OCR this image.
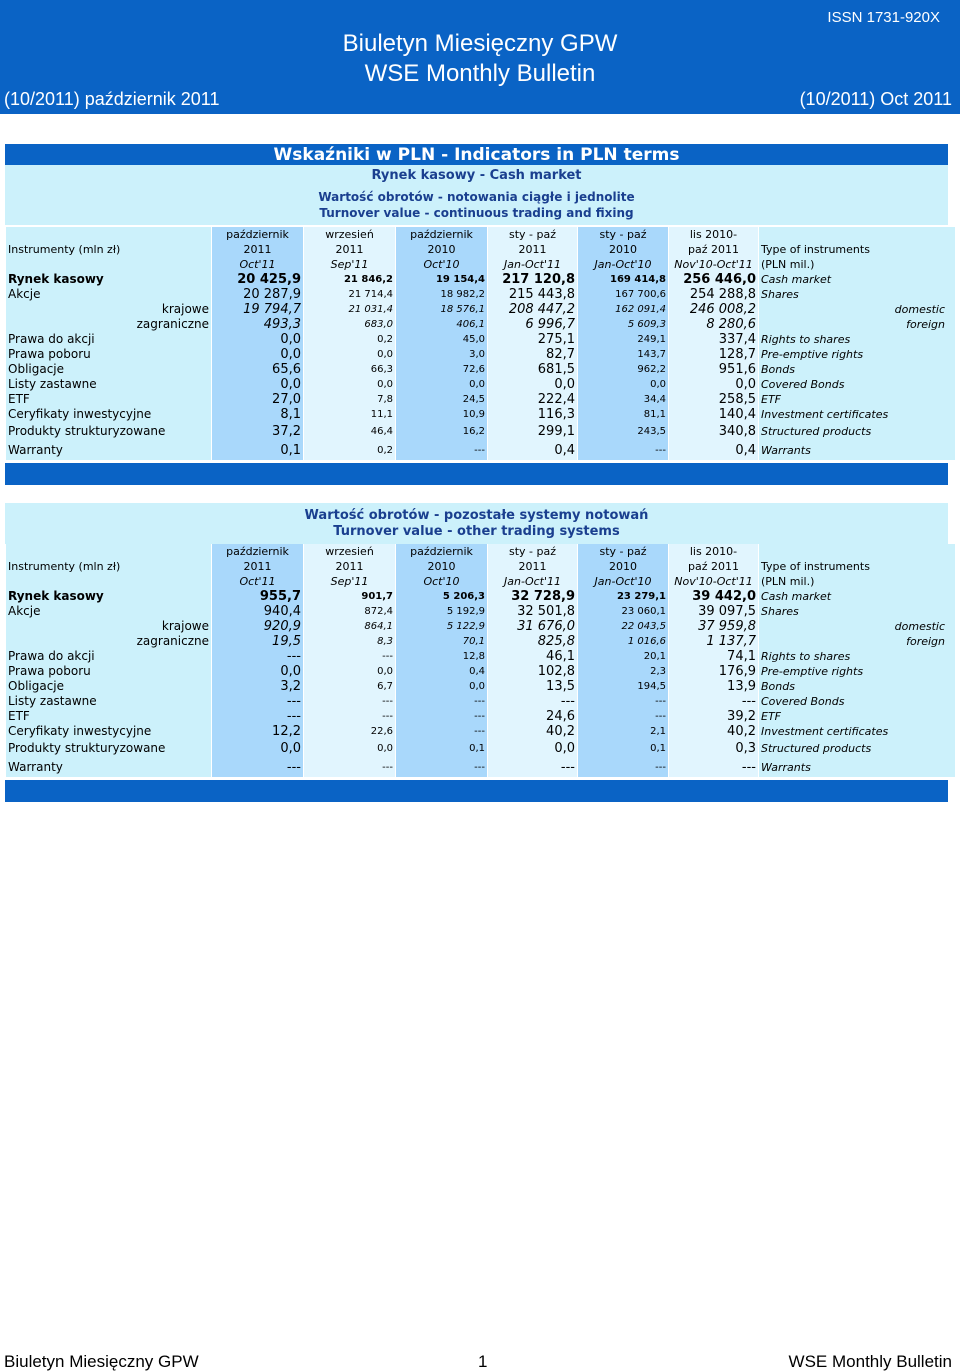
ISSN 1731-920X
Biuletyn Miesięczny GPW
WSE Monthly Bulletin
(10/2011) październik 2011	(10/2011) Oct 2011
Wskaźniki w PLN - Indicators in PLN terms
Rynek kasowy - Cash market
Wartość obrotów - notowania ciągłe i jednolite
Turnover value - continuous trading and fixing
	październik	wrzesień	październik	sty - paź	sty - paź	lis 2010-	
Instrumenty (mln zł)	2011	2011	2010	2011	2010	paź 2011	Type of instruments
	Oct'11	Sep'11	Oct'10	Jan-Oct'11	Jan-Oct'10	Nov'10-Oct'11	(PLN mil.)
Rynek kasowy	20 425,9	21 846,2	19 154,4	217 120,8	169 414,8	256 446,0	Cash market
Akcje	20 287,9	21 714,4	18 982,2	215 443,8	167 700,6	254 288,8	Shares
krajowe	19 794,7	21 031,4	18 576,1	208 447,2	162 091,4	246 008,2	domestic
zagraniczne	493,3	683,0	406,1	6 996,7	5 609,3	8 280,6	foreign
Prawa do akcji	0,0	0,2	45,0	275,1	249,1	337,4	Rights to shares
Prawa poboru	0,0	0,0	3,0	82,7	143,7	128,7	Pre-emptive rights
Obligacje	65,6	66,3	72,6	681,5	962,2	951,6	Bonds
Listy zastawne	0,0	0,0	0,0	0,0	0,0	0,0	Covered Bonds
ETF	27,0	7,8	24,5	222,4	34,4	258,5	ETF
Ceryfikaty inwestycyjne	8,1	11,1	10,9	116,3	81,1	140,4	Investment certificates
Produkty strukturyzowane	37,2	46,4	16,2	299,1	243,5	340,8	Structured products
Warranty	0,1	0,2	---	0,4	---	0,4	Warrants
Wartość obrotów - pozostałe systemy notowań
Turnover value - other trading systems
	październik	wrzesień	październik	sty - paź	sty - paź	lis 2010-	
Instrumenty (mln zł)	2011	2011	2010	2011	2010	paź 2011	Type of instruments
	Oct'11	Sep'11	Oct'10	Jan-Oct'11	Jan-Oct'10	Nov'10-Oct'11	(PLN mil.)
Rynek kasowy	955,7	901,7	5 206,3	32 728,9	23 279,1	39 442,0	Cash market
Akcje	940,4	872,4	5 192,9	32 501,8	23 060,1	39 097,5	Shares
krajowe	920,9	864,1	5 122,9	31 676,0	22 043,5	37 959,8	domestic
zagraniczne	19,5	8,3	70,1	825,8	1 016,6	1 137,7	foreign
Prawa do akcji	---	---	12,8	46,1	20,1	74,1	Rights to shares
Prawa poboru	0,0	0,0	0,4	102,8	2,3	176,9	Pre-emptive rights
Obligacje	3,2	6,7	0,0	13,5	194,5	13,9	Bonds
Listy zastawne	---	---	---	---	---	---	Covered Bonds
ETF	---	---	---	24,6	---	39,2	ETF
Ceryfikaty inwestycyjne	12,2	22,6	---	40,2	2,1	40,2	Investment certificates
Produkty strukturyzowane	0,0	0,0	0,1	0,0	0,1	0,3	Structured products
Warranty	---	---	---	---	---	---	Warrants
Biuletyn Miesięczny GPW	1	WSE Monthly Bulletin
